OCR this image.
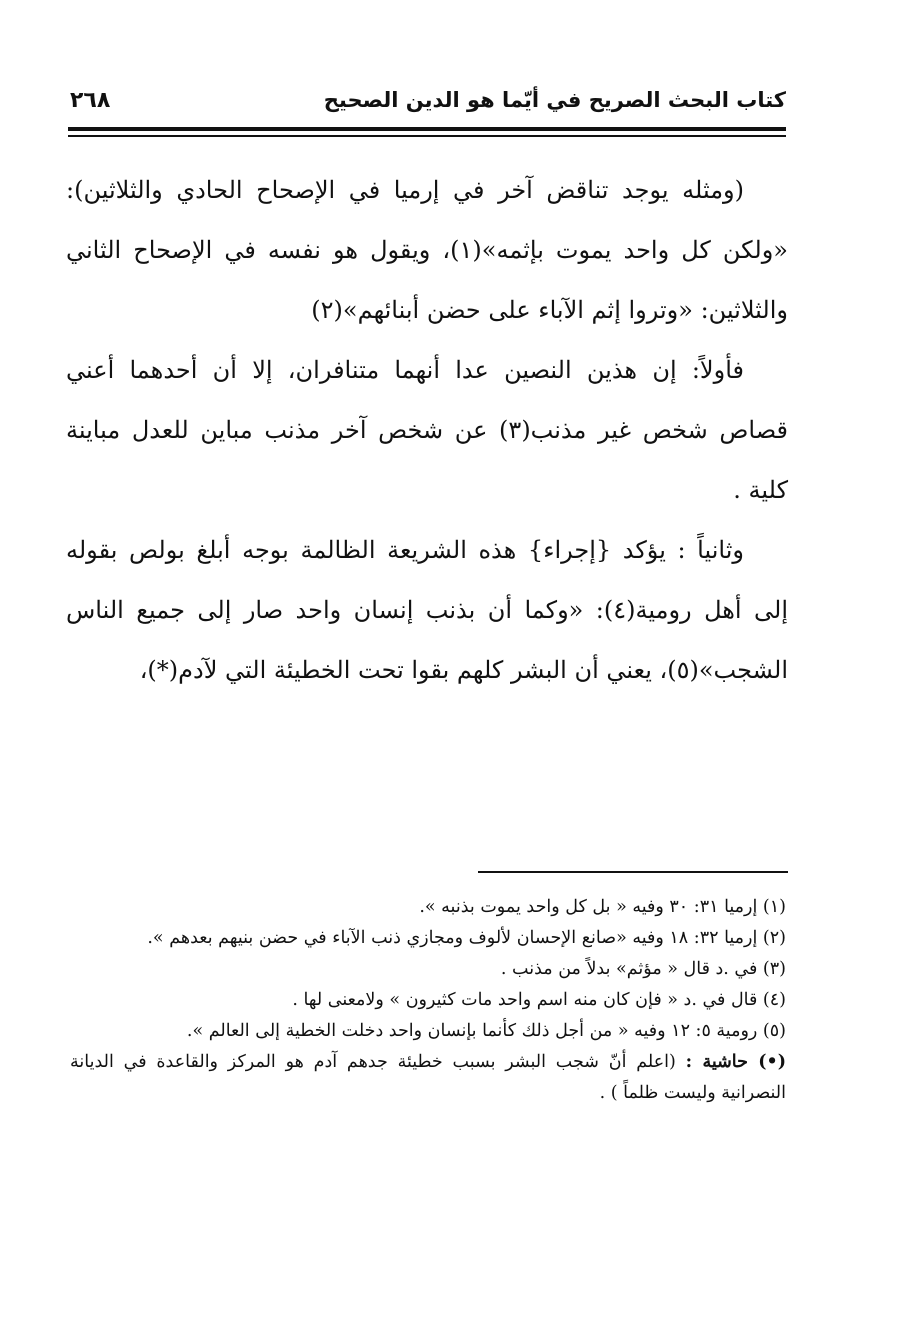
كتاب البحث الصريح في أيّما هو الدين الصحيح
٢٦٨

(ومثله يوجد تناقض آخر في إرميا في الإصحاح الحادي والثلاثين): «ولكن كل واحد يموت بإثمه»(١)، ويقول هو نفسه في الإصحاح الثاني والثلاثين: «وتروا إثم الآباء على حضن أبنائهم»(٢)

فأولاً: إن هذين النصين عدا أنهما متنافران، إلا أن أحدهما أعني قصاص شخص غير مذنب(٣) عن شخص آخر مذنب مباين للعدل مباينة كلية .

وثانياً : يؤكد {إجراء} هذه الشريعة الظالمة بوجه أبلغ بولص بقوله إلى أهل رومية(٤): «وكما أن بذنب إنسان واحد صار إلى جميع الناس الشجب»(٥)، يعني أن البشر كلهم بقوا تحت الخطيئة التي لآدم(*)،

(١) إرميا ٣١: ٣٠ وفيه « بل كل واحد يموت بذنبه ».

(٢) إرميا ٣٢: ١٨ وفيه «صانع الإحسان لألوف ومجازي ذنب الآباء في حضن بنيهم بعدهم ».

(٣) في .د قال « مؤثم» بدلاً من مذنب .

(٤) قال في .د « فإن كان منه اسم واحد مات كثيرون » ولامعنى لها .

(٥) رومية ٥: ١٢ وفيه « من أجل ذلك كأنما بإنسان واحد دخلت الخطية إلى العالم ».

(•) حاشية : (اعلم أنّ شجب البشر بسبب خطيئة جدهم آدم هو المركز والقاعدة في الديانة النصرانية وليست ظلماً ) .
